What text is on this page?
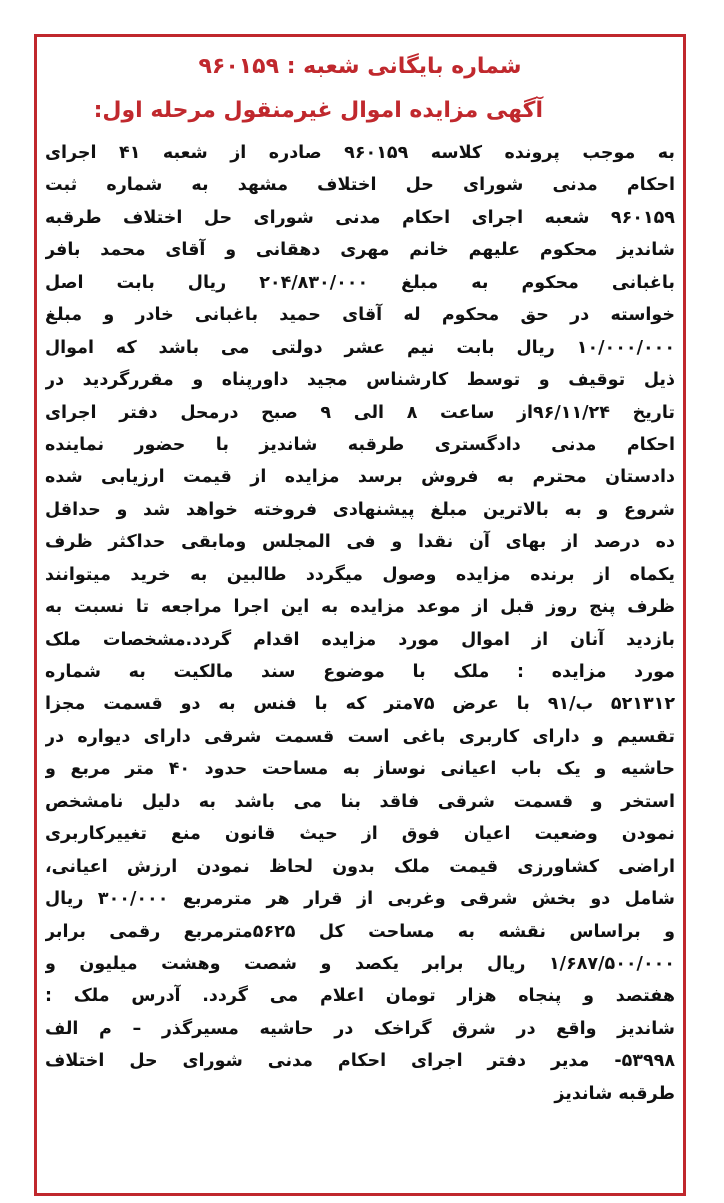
شماره بایگانی شعبه : ۹۶۰۱۵۹
آگهی مزایده اموال غیرمنقول مرحله اول:
به موجب پرونده کلاسه ۹۶۰۱۵۹ صادره از شعبه ۴۱ اجرای
احکام مدنی شورای حل اختلاف مشهد به شماره ثبت
۹۶۰۱۵۹ شعبه اجرای احکام مدنی شورای حل اختلاف طرقبه
شاندیز محکوم علیهم خانم مهری دهقانی و آقای محمد بافر
باغبانی محکوم به مبلغ ۲۰۴/۸۳۰/۰۰۰ ریال بابت اصل
خواسته در حق محکوم له آقای حمید باغبانی خادر و مبلغ
۱۰/۰۰۰/۰۰۰ ریال بابت نیم عشر دولتی می باشد که اموال
ذیل توقیف و توسط کارشناس مجید داورپناه و مقررگردید در
تاریخ ۹۶/۱۱/۲۴از ساعت ۸ الی ۹ صبح درمحل دفتر اجرای
احکام مدنی دادگستری طرقبه شاندیز با حضور نماینده
دادستان محترم به فروش برسد مزایده از قیمت ارزیابی شده
شروع و به بالاترین مبلغ پیشنهادی فروخته خواهد شد و حداقل
ده درصد از بهای آن نقدا و فی المجلس ومابقی حداکثر ظرف
یکماه از برنده مزایده وصول میگردد طالبین به خرید میتوانند
ظرف پنج روز قبل از موعد مزایده به این اجرا مراجعه تا نسبت به
بازدید آنان از اموال مورد مزایده اقدام گردد.مشخصات ملک
مورد مزایده : ملک با موضوع سند مالکیت به شماره
۵۲۱۳۱۲ ب/۹۱ با عرض ۷۵متر که با فنس به دو قسمت مجزا
تقسیم و دارای کاربری باغی است قسمت شرقی دارای دیواره در
حاشیه و یک باب اعیانی نوساز به مساحت حدود ۴۰ متر مربع و
استخر و قسمت شرقی فاقد بنا می باشد به دلیل نامشخص
نمودن وضعیت اعیان فوق از حیث قانون منع تغییرکاربری
اراضی کشاورزی قیمت ملک بدون لحاظ نمودن ارزش اعیانی،
شامل دو بخش شرقی وغربی از قرار هر مترمربع ۳۰۰/۰۰۰ ریال
و براساس نقشه به مساحت کل ۵۶۲۵مترمربع رقمی برابر
۱/۶۸۷/۵۰۰/۰۰۰ ریال برابر یکصد و شصت وهشت میلیون و
هفتصد و پنجاه هزار تومان اعلام می گردد. آدرس ملک :
شاندیز واقع در شرق گراخک در حاشیه مسیرگذر – م الف
۵۳۹۹۸- مدیر دفتر اجرای احکام مدنی شورای حل اختلاف
طرقبه شاندیز
